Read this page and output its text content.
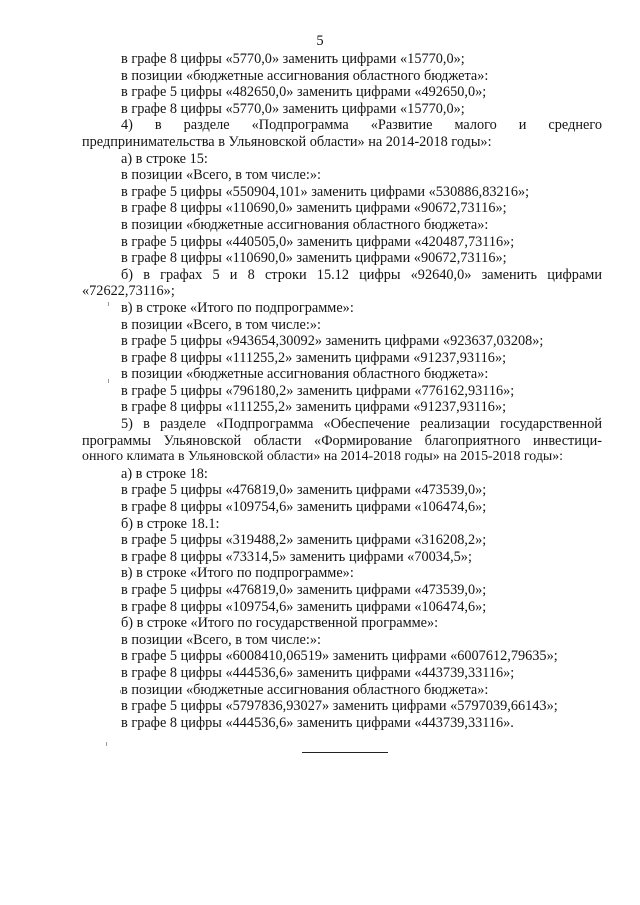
5
в графе 8 цифры «5770,0» заменить цифрами «15770,0»;
в позиции «бюджетные ассигнования областного бюджета»:
в графе 5 цифры «482650,0» заменить цифрами «492650,0»;
в графе 8 цифры «5770,0» заменить цифрами «15770,0»;
4) в разделе «Подпрограмма «Развитие малого и среднего
предпринимательства в Ульяновской области» на 2014-2018 годы»:
а) в строке 15:
в позиции «Всего, в том числе:»:
в графе 5 цифры «550904,101» заменить цифрами «530886,83216»;
в графе 8 цифры «110690,0» заменить цифрами «90672,73116»;
в позиции «бюджетные ассигнования областного бюджета»:
в графе 5 цифры «440505,0» заменить цифрами «420487,73116»;
в графе 8 цифры «110690,0» заменить цифрами «90672,73116»;
б) в графах 5 и 8 строки 15.12 цифры «92640,0» заменить цифрами
«72622,73116»;
в) в строке «Итого по подпрограмме»:
в позиции «Всего, в том числе:»:
в графе 5 цифры «943654,30092» заменить цифрами «923637,03208»;
в графе 8 цифры «111255,2» заменить цифрами «91237,93116»;
в позиции «бюджетные ассигнования областного бюджета»:
в графе 5 цифры «796180,2» заменить цифрами «776162,93116»;
в графе 8 цифры «111255,2» заменить цифрами «91237,93116»;
5) в разделе «Подпрограмма «Обеспечение реализации государственной
программы Ульяновской области «Формирование благоприятного инвестици-
онного климата в Ульяновской области» на 2014-2018 годы» на 2015-2018 годы»:
а) в строке 18:
в графе 5 цифры «476819,0» заменить цифрами «473539,0»;
в графе 8 цифры «109754,6» заменить цифрами «106474,6»;
б) в строке 18.1:
в графе 5 цифры «319488,2» заменить цифрами «316208,2»;
в графе 8 цифры «73314,5» заменить цифрами «70034,5»;
в) в строке «Итого по подпрограмме»:
в графе 5 цифры «476819,0» заменить цифрами «473539,0»;
в графе 8 цифры «109754,6» заменить цифрами «106474,6»;
б) в строке «Итого по государственной программе»:
в позиции «Всего, в том числе:»:
в графе 5 цифры «6008410,06519» заменить цифрами «6007612,79635»;
в графе 8 цифры «444536,6» заменить цифрами «443739,33116»;
в позиции «бюджетные ассигнования областного бюджета»:
в графе 5 цифры «5797836,93027» заменить цифрами «5797039,66143»;
в графе 8 цифры «444536,6» заменить цифрами «443739,33116».
